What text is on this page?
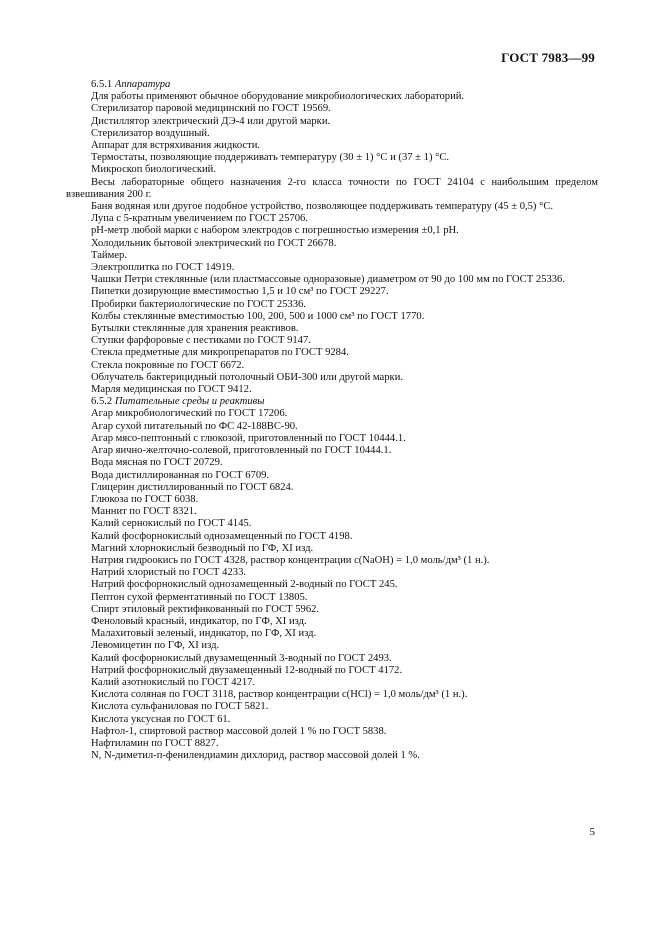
ГОСТ 7983—99
6.5.1 Аппаратура
Для работы применяют обычное оборудование микробиологических лабораторий.
Стерилизатор паровой медицинский по ГОСТ 19569.
Дистиллятор электрический ДЭ-4 или другой марки.
Стерилизатор воздушный.
Аппарат для встряхивания жидкости.
Термостаты, позволяющие поддерживать температуру (30 ± 1) °С и (37 ± 1) °С.
Микроскоп биологический.
Весы лабораторные общего назначения 2-го класса точности по ГОСТ 24104 с наибольшим пределом взвешивания 200 г.
Баня водяная или другое подобное устройство, позволяющее поддерживать температуру (45 ± 0,5) °С.
Лупа с 5-кратным увеличением по ГОСТ 25706.
рН-метр любой марки с набором электродов с погрешностью измерения ±0,1 рН.
Холодильник бытовой электрический по ГОСТ 26678.
Таймер.
Электроплитка по ГОСТ 14919.
Чашки Петри стеклянные (или пластмассовые одноразовые) диаметром от 90 до 100 мм по ГОСТ 25336.
Пипетки дозирующие вместимостью 1,5 и 10 см³ по ГОСТ 29227.
Пробирки бактериологические по ГОСТ 25336.
Колбы стеклянные вместимостью 100, 200, 500 и 1000 см³ по ГОСТ 1770.
Бутылки стеклянные для хранения реактивов.
Ступки фарфоровые с пестиками по ГОСТ 9147.
Стекла предметные для микропрепаратов по ГОСТ 9284.
Стекла покровные по ГОСТ 6672.
Облучатель бактерицидный потолочный ОБИ-300 или другой марки.
Марля медицинская по ГОСТ 9412.
6.5.2 Питательные среды и реактивы
Агар микробиологический по ГОСТ 17206.
Агар сухой питательный по ФС 42-188ВС-90.
Агар мясо-пептонный с глюкозой, приготовленный по ГОСТ 10444.1.
Агар яично-желточно-солевой, приготовленный по ГОСТ 10444.1.
Вода мясная по ГОСТ 20729.
Вода дистиллированная по ГОСТ 6709.
Глицерин дистиллированный по ГОСТ 6824.
Глюкоза по ГОСТ 6038.
Маннит по ГОСТ 8321.
Калий сернокислый по ГОСТ 4145.
Калий фосфорнокислый однозамещенный по ГОСТ 4198.
Магний хлорнокислый безводный по ГФ, XI изд.
Натрия гидроокись по ГОСТ 4328, раствор концентрации c(NaOH) = 1,0 моль/дм³ (1 н.).
Натрий хлористый по ГОСТ 4233.
Натрий фосфорнокислый однозамещенный 2-водный по ГОСТ 245.
Пептон сухой ферментативный по ГОСТ 13805.
Спирт этиловый ректификованный по ГОСТ 5962.
Феноловый красный, индикатор, по ГФ, XI изд.
Малахитовый зеленый, индикатор, по ГФ, XI изд.
Левомицетин по ГФ, XI изд.
Калий фосфорнокислый двузамещенный 3-водный по ГОСТ 2493.
Натрий фосфорнокислый двузамещенный 12-водный по ГОСТ 4172.
Калий азотнокислый по ГОСТ 4217.
Кислота соляная по ГОСТ 3118, раствор концентрации c(HCl) = 1,0 моль/дм³ (1 н.).
Кислота сульфаниловая по ГОСТ 5821.
Кислота уксусная по ГОСТ 61.
Нафтол-1, спиртовой раствор массовой долей 1 % по ГОСТ 5838.
Нафтиламин по ГОСТ 8827.
N, N-диметил-п-фенилендиамин дихлорид, раствор массовой долей 1 %.
5
